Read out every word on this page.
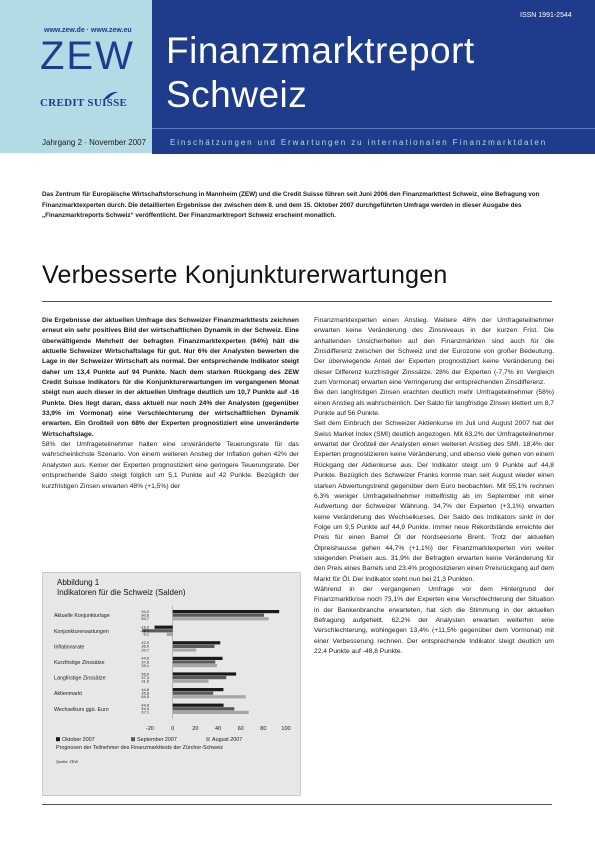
www.zew.de · www.zew.eu
ZEW
CREDIT SUISSE
ISSN 1991-2544
Finanzmarktreport
Schweiz
Jahrgang 2 · November 2007	Einschätzungen und Erwartungen zu internationalen Finanzmarktdaten
Das Zentrum für Europäische Wirtschaftsforschung in Mannheim (ZEW) und die Credit Suisse führen seit Juni 2006 den Finanzmarkttest Schweiz, eine Befragung von Finanzmarktexperten durch. Die detaillierten Ergebnisse der zwischen dem 8. und dem 15. Oktober 2007 durchgeführten Umfrage werden in dieser Ausgabe des „Finanzmarktreports Schweiz“ veröffentlicht. Der Finanzmarktreport Schweiz erscheint monatlich.
Verbesserte Konjunkturerwartungen

Die Ergebnisse der aktuellen Umfrage des Schweizer Finanzmarkttests zeichnen erneut ein sehr positives Bild der wirtschaftlichen Dynamik in der Schweiz. Eine überwältigende Mehrheit der befragten Finanzmarktexperten (94%) hält die aktuelle Schweizer Wirtschaftslage für gut. Nur 6% der Analysten bewerten die Lage in der Schweizer Wirtschaft als normal. Der entsprechende Indikator steigt daher um 13,4 Punkte auf 94 Punkte. Nach dem starken Rückgang des ZEW Credit Suisse Indikators für die Konjunkturerwartungen im vergangenen Monat steigt nun auch dieser in der aktuellen Umfrage deutlich um 10,7 Punkte auf -16 Punkte. Dies liegt daran, dass aktuell nur noch 24% der Analysten (gegenüber 33,9% im Vormonat) eine Verschlechterung der wirtschaftlichen Dynamik erwarten. Ein Großteil von 68% der Experten prognostiziert eine unveränderte Wirtschaftslage.

58% der Umfrageteilnehmer halten eine unveränderte Teuerungsrate für das wahrscheinlichste Szenario. Von einem weiteren Anstieg der Inflation gehen 42% der Analysten aus. Keiner der Experten prognostiziert eine geringere Teuerungsrate. Der entsprechende Saldo steigt folglich um 5,1 Punkte auf 42 Punkte. Bezüglich der kurzfristigen Zinsen erwarten 48% (+1,5%) der

Abbildung 1
Indikatoren für die Schweiz (Salden)
Aktuelle Konjunkturlage
94,0
80,6
84,7
Konjunkturerwartungen
-16,0
-26,7
-5,1
Inflationsrate
42,0
36,9
20,7
Kurzfristige Zinssätze
44,0
37,6
39,1
Langfristige Zinssätze
56,0
47,3
31,6
Aktienmarkt
44,8
35,8
64,5
Wechselkurs ggü. Euro
44,9
54,4
67,1
-20	0	20	40	60	80	100
Oktober 2007	September 2007	August 2007
Prognosen der Teilnehmer des Finanzmarkttests der Zürcher-Schweiz
Quelle: ZEW

Finanzmarktexperten einen Anstieg. Weitere 48% der Umfrageteilnehmer erwarten keine Veränderung des Zinsniveaus in der kurzen Frist. Die anhaltenden Unsicherheiten auf den Finanzmärkten sind auch für die Zinsdifferenz zwischen der Schweiz und der Eurozone von großer Bedeutung. Der überwiegende Anteil der Experten prognostiziert keine Veränderung bei dieser Differenz kurzfristiger Zinssätze. 28% der Experten (-7,7% im Vergleich zum Vormonat) erwarten eine Verringerung der entsprechenden Zinsdifferenz.

Bei den langfristigen Zinsen erachten deutlich mehr Umfrageteilnehmer (58%) einen Anstieg als wahrscheinlich. Der Saldo für langfristige Zinsen klettert um 8,7 Punkte auf 56 Punkte.

Seit dem Einbruch der Schweizer Aktienkurse im Juli und August 2007 hat der Swiss Market Index (SMI) deutlich angezogen. Mit 63,2% der Umfrageteilnehmer erwartet der Großteil der Analysten einen weiteren Anstieg des SMI. 18,4% der Experten prognostizieren keine Veränderung, und ebenso viele gehen von einem Rückgang der Aktienkurse aus. Der Indikator steigt um 9 Punkte auf 44,8 Punkte. Bezüglich des Schweizer Franks konnte man seit August wieder einen starken Abwertungstrend gegenüber dem Euro beobachten. Mit 55,1% rechnen 6,3% weniger Umfrageteilnehmer mittelfristig ab im September mit einer Aufwertung der Schweizer Währung. 34,7% der Experten (+3,1%) erwarten keine Veränderung des Wechselkurses. Der Saldo des Indikators sinkt in der Folge um 9,5 Punkte auf 44,9 Punkte. Immer neue Rekordstände erreichte der Preis für einen Barrel Öl der Nordseesorte Brent. Trotz der aktuellen Ölpreishausse gehen 44,7% (+1,1%) der Finanzmarktexperten von weiter steigenden Preisen aus. 31,9% der Befragten erwarten keine Veränderung für den Preis eines Barrels und 23,4% prognostizieren einen Preisrückgang auf dem Markt für Öl. Der Indikator steht nun bei 21,3 Punkten.

Während in der vergangenen Umfrage vor dem Hintergrund der Finanzmarktkrise noch 73,1% der Experten eine Verschlechterung der Situation in der Bankenbranche erwarteten, hat sich die Stimmung in der aktuellen Befragung aufgehellt. 62,2% der Analysten erwarten weiterhin eine Verschlechterung, wohingegen 13,4% (+11,5% gegenüber dem Vormonat) mit einer Verbesserung rechnen. Der entsprechende Indikator steigt deutlich um 22,4 Punkte auf -48,8 Punkte.
